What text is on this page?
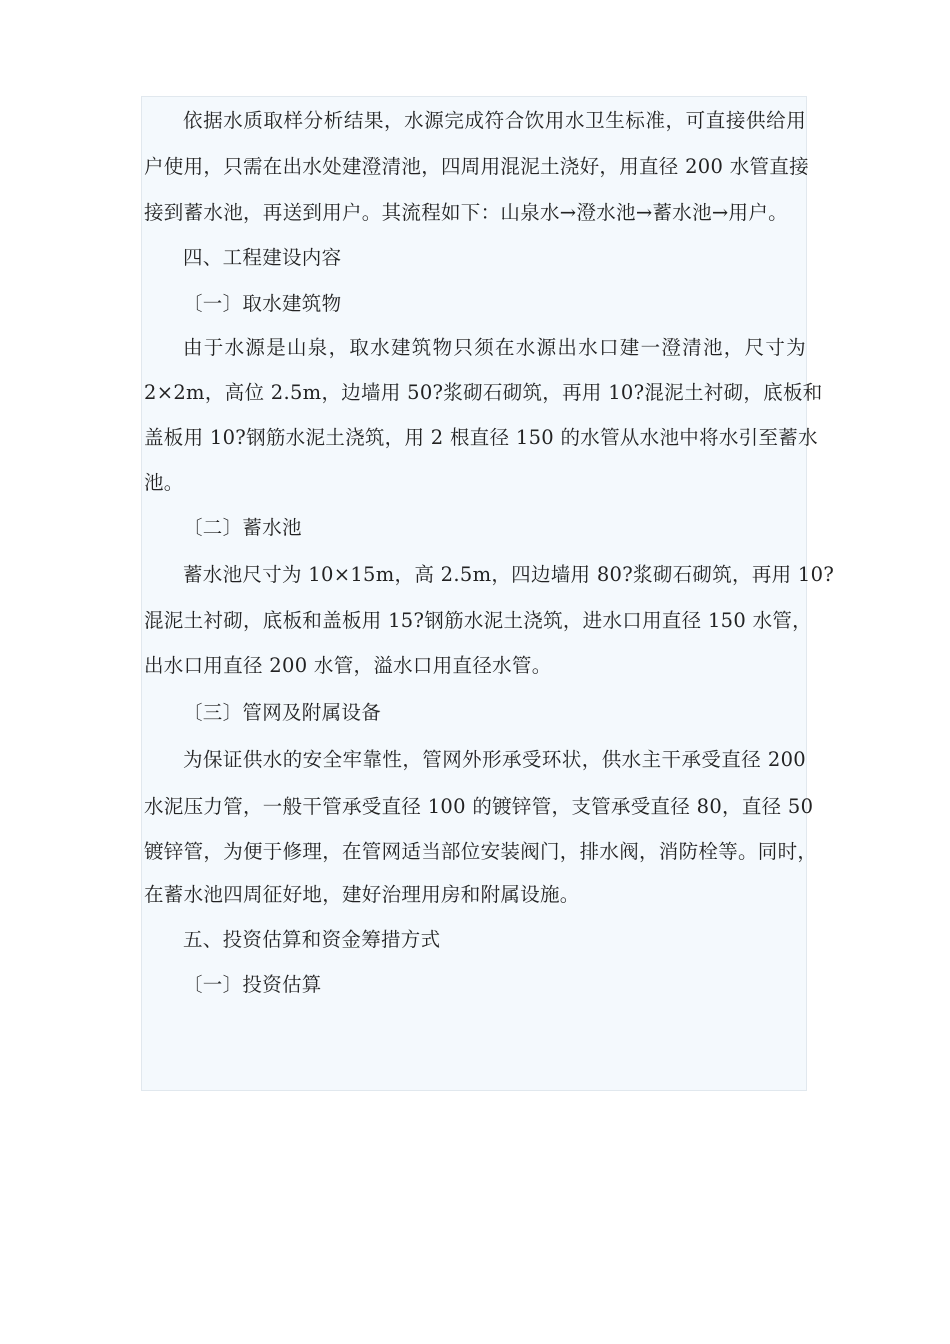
依据水质取样分析结果，水源完成符合饮用水卫生标准，可直接供给用
户使用，只需在出水处建澄清池，四周用混泥土浇好，用直径 200 水管直接
接到蓄水池，再送到用户。其流程如下：山泉水→澄水池→蓄水池→用户。
四、工程建设内容
〔一〕取水建筑物
由于水源是山泉，取水建筑物只须在水源出水口建一澄清池，尺寸为
2×2m，高位 2.5m，边墙用 50?浆砌石砌筑，再用 10?混泥土衬砌，底板和
盖板用 10?钢筋水泥土浇筑，用 2 根直径 150 的水管从水池中将水引至蓄水
池。
〔二〕蓄水池
蓄水池尺寸为 10×15m，高 2.5m，四边墙用 80?浆砌石砌筑，再用 10?
混泥土衬砌，底板和盖板用 15?钢筋水泥土浇筑，进水口用直径 150 水管，
出水口用直径 200 水管，溢水口用直径水管。
〔三〕管网及附属设备
为保证供水的安全牢靠性，管网外形承受环状，供水主干承受直径 200
水泥压力管，一般干管承受直径 100 的镀锌管，支管承受直径 80，直径 50
镀锌管，为便于修理，在管网适当部位安装阀门，排水阀，消防栓等。同时，
在蓄水池四周征好地，建好治理用房和附属设施。
五、投资估算和资金筹措方式
〔一〕投资估算
